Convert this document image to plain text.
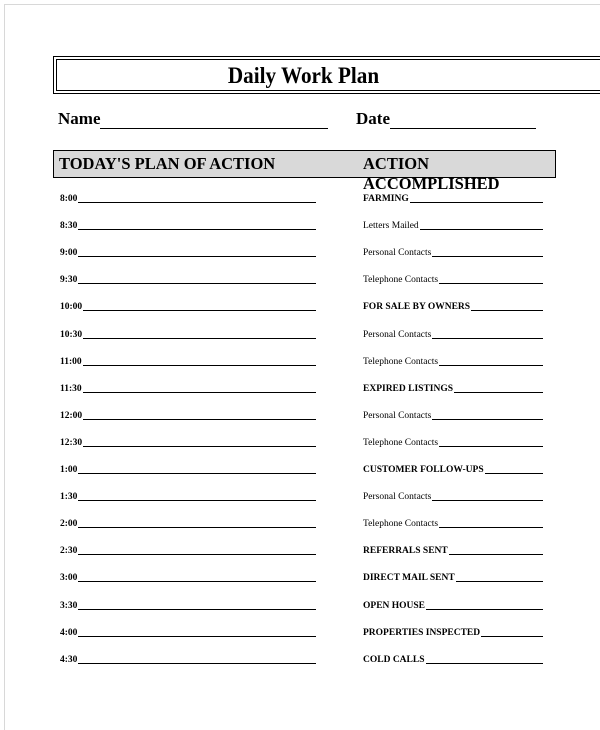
Daily Work Plan
Name	Date
TODAY'S PLAN OF ACTION	ACTION ACCOMPLISHED
8:00	FARMING
8:30	Letters Mailed
9:00	Personal Contacts
9:30	Telephone Contacts
10:00	FOR SALE BY OWNERS
10:30	Personal Contacts
11:00	Telephone Contacts
11:30	EXPIRED LISTINGS
12:00	Personal Contacts
12:30	Telephone Contacts
1:00	CUSTOMER FOLLOW-UPS
1:30	Personal Contacts
2:00	Telephone Contacts
2:30	REFERRALS SENT
3:00	DIRECT MAIL SENT
3:30	OPEN HOUSE
4:00	PROPERTIES INSPECTED
4:30	COLD CALLS
